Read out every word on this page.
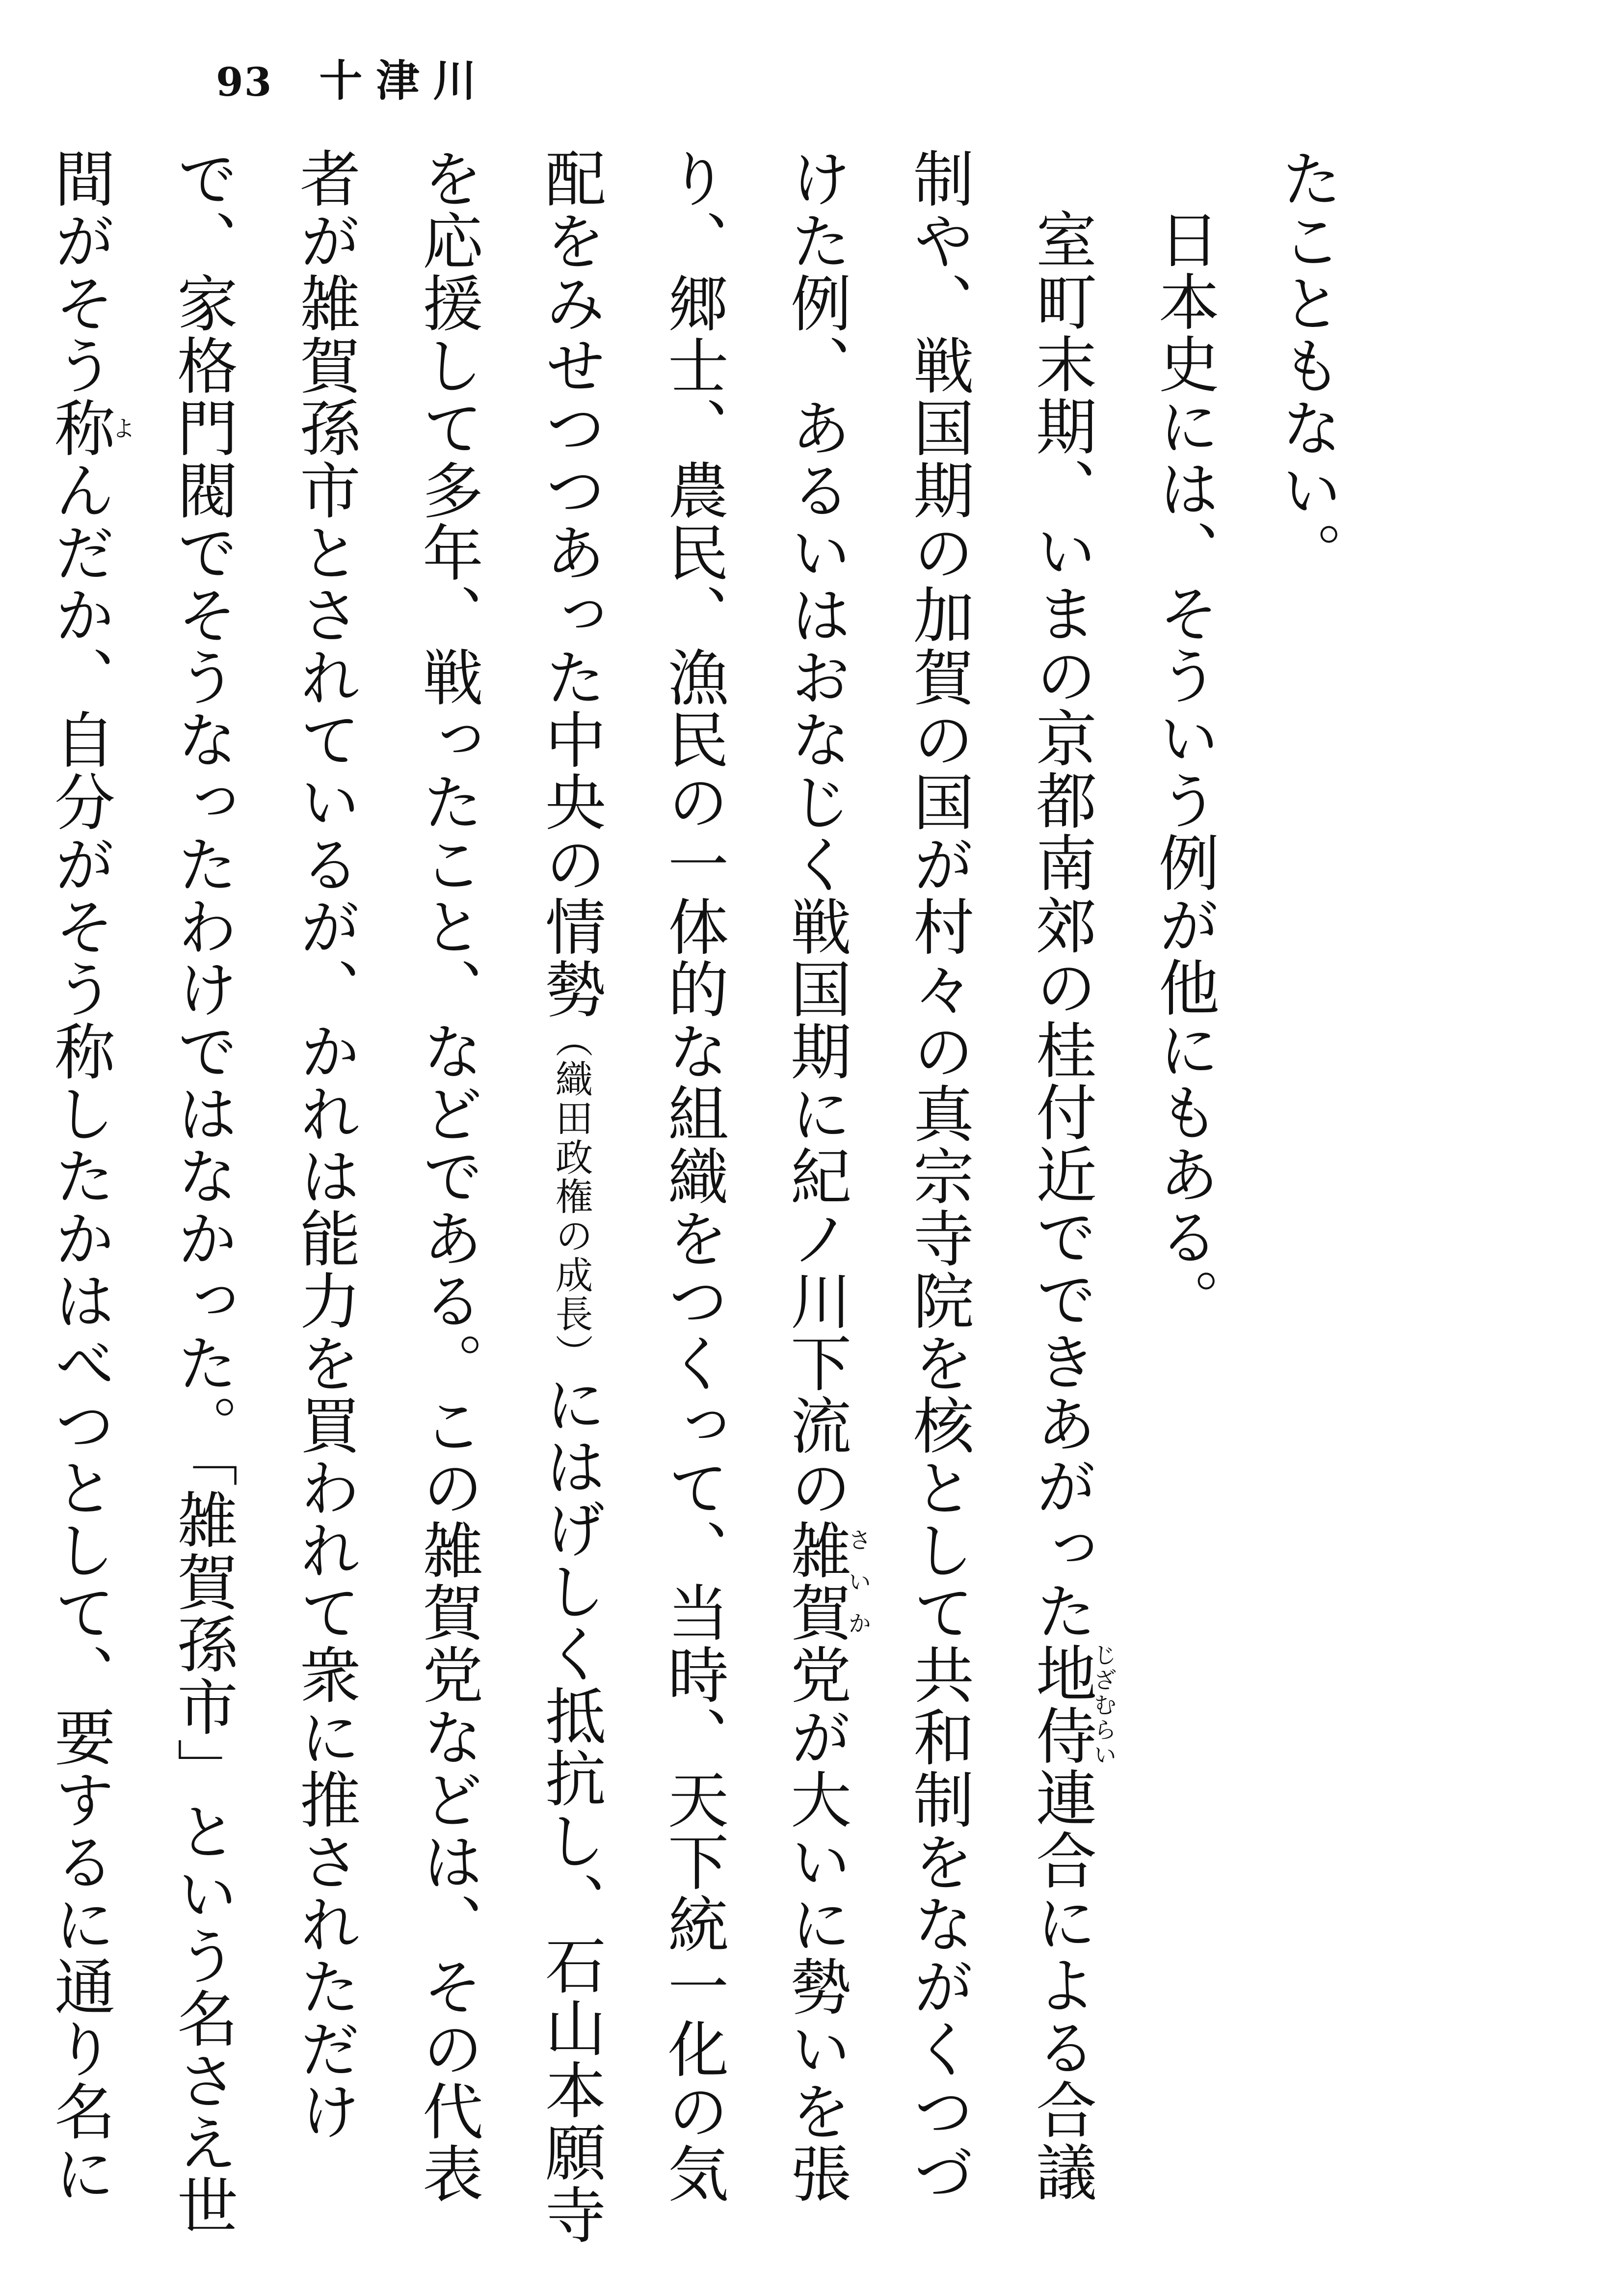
93 十津川

たこともない。

日本史には、そういう例が他にもある。

室町末期、いまの京都南郊の桂付近でできあがった地侍じざむらい連合による合議制や、戦国期の加賀の国が村々の真宗寺院を核として共和制をながくつづけた例、あるいはおなじく戦国期に紀ノ川下流の雑賀さいか党が大いに勢いを張り、郷士、農民、漁民の一体的な組織をつくって、当時、天下統一化の気配をみせつつあった中央の情勢（織田政権の成長）にはげしく抵抗し、石山本願寺を応援して多年、戦ったこと、などである。この雑賀党などは、その代表者が雑賀孫市とされているが、かれは能力を買われて衆に推されただけで、家格門閥でそうなったわけではなかった。「雑賀孫市」という名さえ世間がそう称よんだか、自分がそう称したかはべつとして、要するに通り名に
